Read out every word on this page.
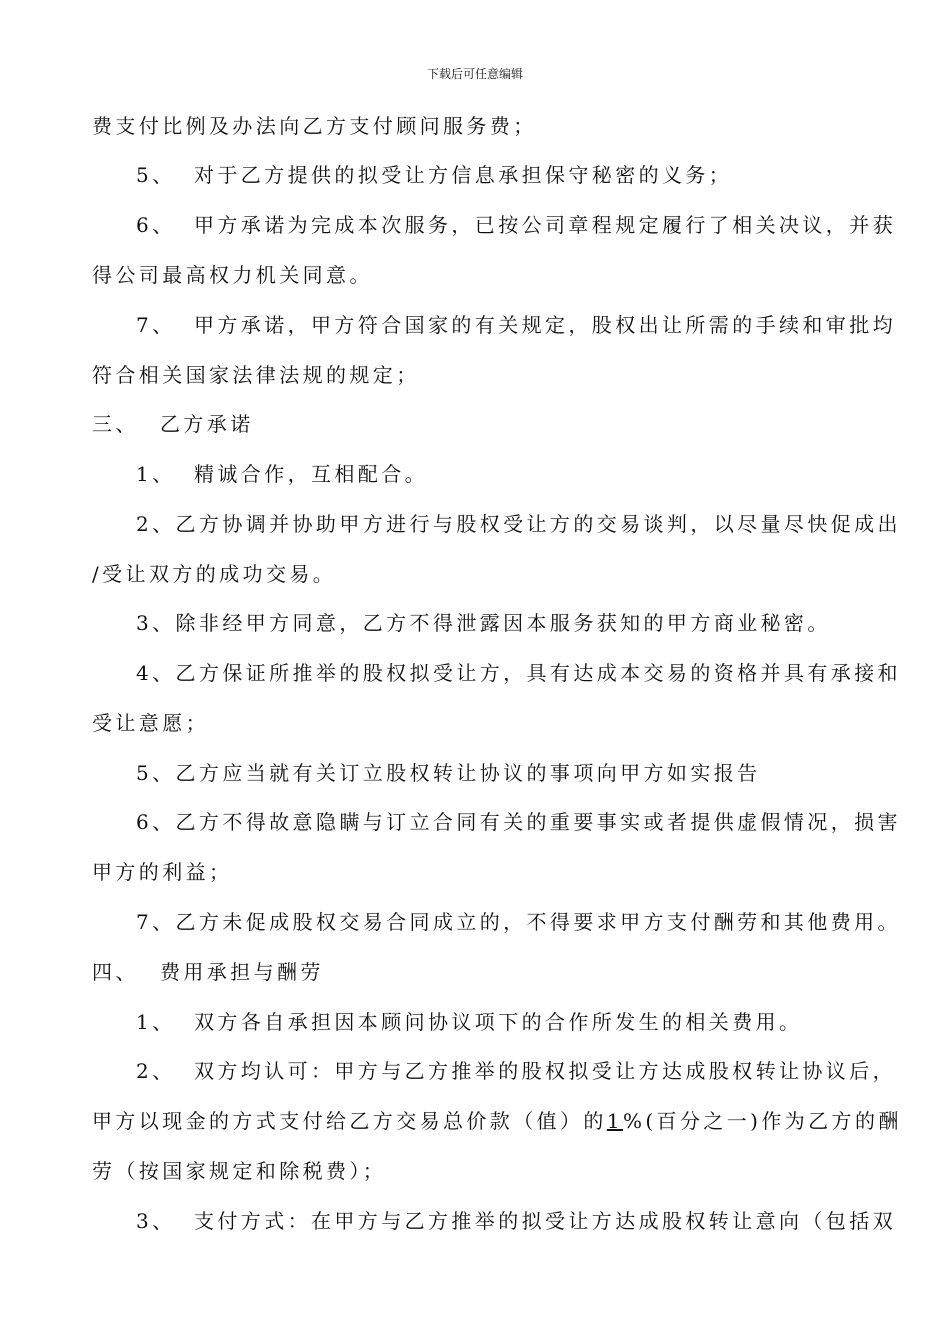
下载后可任意编辑
费支付比例及办法向乙方支付顾问服务费；
5、 对于乙方提供的拟受让方信息承担保守秘密的义务；
6、 甲方承诺为完成本次服务，已按公司章程规定履行了相关决议，并获
得公司最高权力机关同意。
7、 甲方承诺，甲方符合国家的有关规定，股权出让所需的手续和审批均
符合相关国家法律法规的规定；
三、 乙方承诺
1、 精诚合作，互相配合。
2、乙方协调并协助甲方进行与股权受让方的交易谈判，以尽量尽快促成出
/受让双方的成功交易。
3、除非经甲方同意，乙方不得泄露因本服务获知的甲方商业秘密。
4、乙方保证所推举的股权拟受让方，具有达成本交易的资格并具有承接和
受让意愿；
5、乙方应当就有关订立股权转让协议的事项向甲方如实报告
6、乙方不得故意隐瞒与订立合同有关的重要事实或者提供虚假情况，损害
甲方的利益；
7、乙方未促成股权交易合同成立的，不得要求甲方支付酬劳和其他费用。
四、 费用承担与酬劳
1、 双方各自承担因本顾问协议项下的合作所发生的相关费用。
2、 双方均认可：甲方与乙方推举的股权拟受让方达成股权转让协议后，
甲方以现金的方式支付给乙方交易总价款（值）的1%(百分之一)作为乙方的酬
劳（按国家规定和除税费）；
3、 支付方式：在甲方与乙方推举的拟受让方达成股权转让意向（包括双
